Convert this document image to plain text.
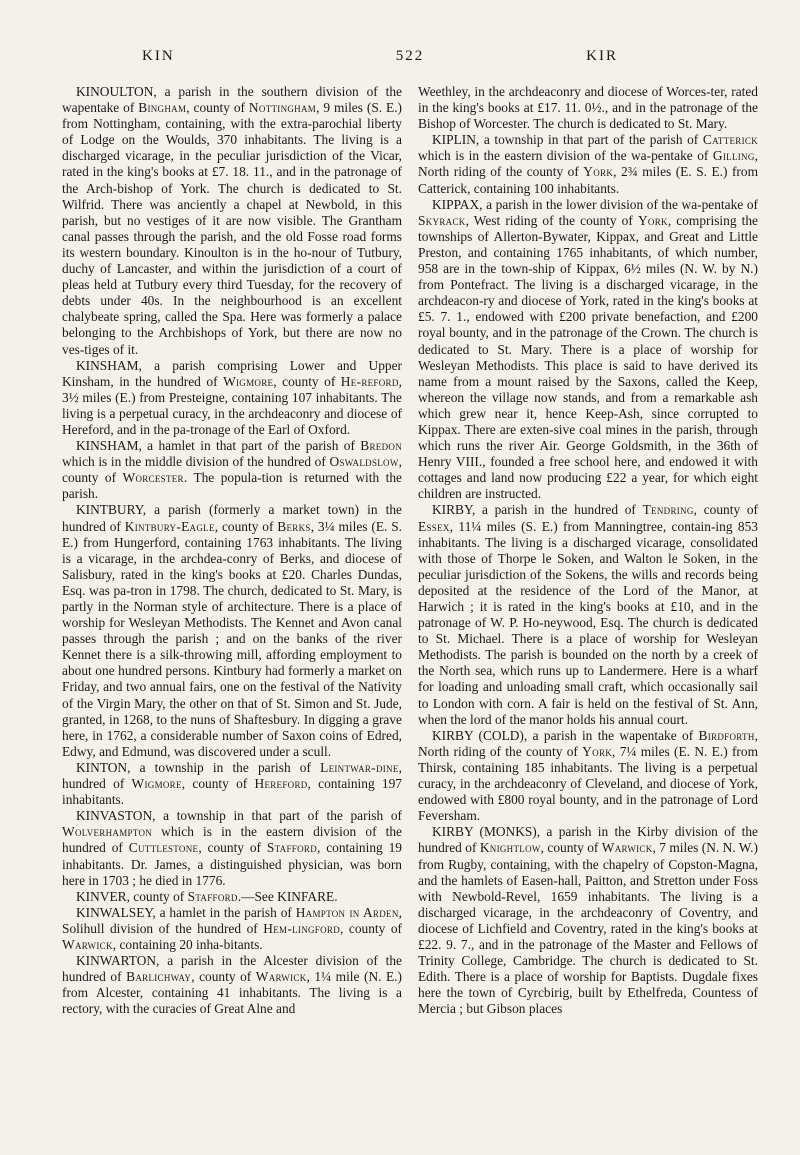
KIN	522	KIR

KINOULTON, a parish in the southern division of the wapentake of Bingham, county of Nottingham, 9 miles (S. E.) from Nottingham, containing, with the extra-parochial liberty of Lodge on the Woulds, 370 inhabitants. The living is a discharged vicarage, in the peculiar jurisdiction of the Vicar, rated in the king's books at £7. 18. 11., and in the patronage of the Arch-bishop of York. The church is dedicated to St. Wilfrid. There was anciently a chapel at Newbold, in this parish, but no vestiges of it are now visible. The Grantham canal passes through the parish, and the old Fosse road forms its western boundary. Kinoulton is in the ho-nour of Tutbury, duchy of Lancaster, and within the jurisdiction of a court of pleas held at Tutbury every third Tuesday, for the recovery of debts under 40s. In the neighbourhood is an excellent chalybeate spring, called the Spa. Here was formerly a palace belonging to the Archbishops of York, but there are now no ves-tiges of it.

KINSHAM, a parish comprising Lower and Upper Kinsham, in the hundred of Wigmore, county of He-reford, 3½ miles (E.) from Presteigne, containing 107 inhabitants. The living is a perpetual curacy, in the archdeaconry and diocese of Hereford, and in the pa-tronage of the Earl of Oxford.

KINSHAM, a hamlet in that part of the parish of Bredon which is in the middle division of the hundred of Oswaldslow, county of Worcester. The popula-tion is returned with the parish.

KINTBURY, a parish (formerly a market town) in the hundred of Kintbury-Eagle, county of Berks, 3¼ miles (E. S. E.) from Hungerford, containing 1763 inhabitants. The living is a vicarage, in the archdea-conry of Berks, and diocese of Salisbury, rated in the king's books at £20. Charles Dundas, Esq. was pa-tron in 1798. The church, dedicated to St. Mary, is partly in the Norman style of architecture. There is a place of worship for Wesleyan Methodists. The Kennet and Avon canal passes through the parish ; and on the banks of the river Kennet there is a silk-throwing mill, affording employment to about one hundred persons. Kintbury had formerly a market on Friday, and two annual fairs, one on the festival of the Nativity of the Virgin Mary, the other on that of St. Simon and St. Jude, granted, in 1268, to the nuns of Shaftesbury. In digging a grave here, in 1762, a considerable number of Saxon coins of Edred, Edwy, and Edmund, was discovered under a scull.

KINTON, a township in the parish of Leintwar-dine, hundred of Wigmore, county of Hereford, containing 197 inhabitants.

KINVASTON, a township in that part of the parish of Wolverhampton which is in the eastern division of the hundred of Cuttlestone, county of Stafford, containing 19 inhabitants. Dr. James, a distinguished physician, was born here in 1703 ; he died in 1776.

KINVER, county of Stafford.—See KINFARE.

KINWALSEY, a hamlet in the parish of Hampton in Arden, Solihull division of the hundred of Hem-lingford, county of Warwick, containing 20 inha-bitants.

KINWARTON, a parish in the Alcester division of the hundred of Barlichway, county of Warwick, 1¼ mile (N. E.) from Alcester, containing 41 inhabitants. The living is a rectory, with the curacies of Great Alne and

Weethley, in the archdeaconry and diocese of Worces-ter, rated in the king's books at £17. 11. 0½., and in the patronage of the Bishop of Worcester. The church is dedicated to St. Mary.

KIPLIN, a township in that part of the parish of Catterick which is in the eastern division of the wa-pentake of Gilling, North riding of the county of York, 2¾ miles (E. S. E.) from Catterick, containing 100 inhabitants.

KIPPAX, a parish in the lower division of the wa-pentake of Skyrack, West riding of the county of York, comprising the townships of Allerton-Bywater, Kippax, and Great and Little Preston, and containing 1765 inhabitants, of which number, 958 are in the town-ship of Kippax, 6½ miles (N. W. by N.) from Pontefract. The living is a discharged vicarage, in the archdeacon-ry and diocese of York, rated in the king's books at £5. 7. 1., endowed with £200 private benefaction, and £200 royal bounty, and in the patronage of the Crown. The church is dedicated to St. Mary. There is a place of worship for Wesleyan Methodists. This place is said to have derived its name from a mount raised by the Saxons, called the Keep, whereon the village now stands, and from a remarkable ash which grew near it, hence Keep-Ash, since corrupted to Kippax. There are exten-sive coal mines in the parish, through which runs the river Air. George Goldsmith, in the 36th of Henry VIII., founded a free school here, and endowed it with cottages and land now producing £22 a year, for which eight children are instructed.

KIRBY, a parish in the hundred of Tendring, county of Essex, 11¼ miles (S. E.) from Manningtree, contain-ing 853 inhabitants. The living is a discharged vicarage, consolidated with those of Thorpe le Soken, and Walton le Soken, in the peculiar jurisdiction of the Sokens, the wills and records being deposited at the residence of the Lord of the Manor, at Harwich ; it is rated in the king's books at £10, and in the patronage of W. P. Ho-neywood, Esq. The church is dedicated to St. Michael. There is a place of worship for Wesleyan Methodists. The parish is bounded on the north by a creek of the North sea, which runs up to Landermere. Here is a wharf for loading and unloading small craft, which occasionally sail to London with corn. A fair is held on the festival of St. Ann, when the lord of the manor holds his annual court.

KIRBY (COLD), a parish in the wapentake of Birdforth, North riding of the county of York, 7¼ miles (E. N. E.) from Thirsk, containing 185 inhabitants. The living is a perpetual curacy, in the archdeaconry of Cleveland, and diocese of York, endowed with £800 royal bounty, and in the patronage of Lord Feversham.

KIRBY (MONKS), a parish in the Kirby division of the hundred of Knightlow, county of Warwick, 7 miles (N. N. W.) from Rugby, containing, with the chapelry of Copston-Magna, and the hamlets of Easen-hall, Paitton, and Stretton under Foss with Newbold-Revel, 1659 inhabitants. The living is a discharged vicarage, in the archdeaconry of Coventry, and diocese of Lichfield and Coventry, rated in the king's books at £22. 9. 7., and in the patronage of the Master and Fellows of Trinity College, Cambridge. The church is dedicated to St. Edith. There is a place of worship for Baptists. Dugdale fixes here the town of Cyrcbirig, built by Ethelfreda, Countess of Mercia ; but Gibson places
